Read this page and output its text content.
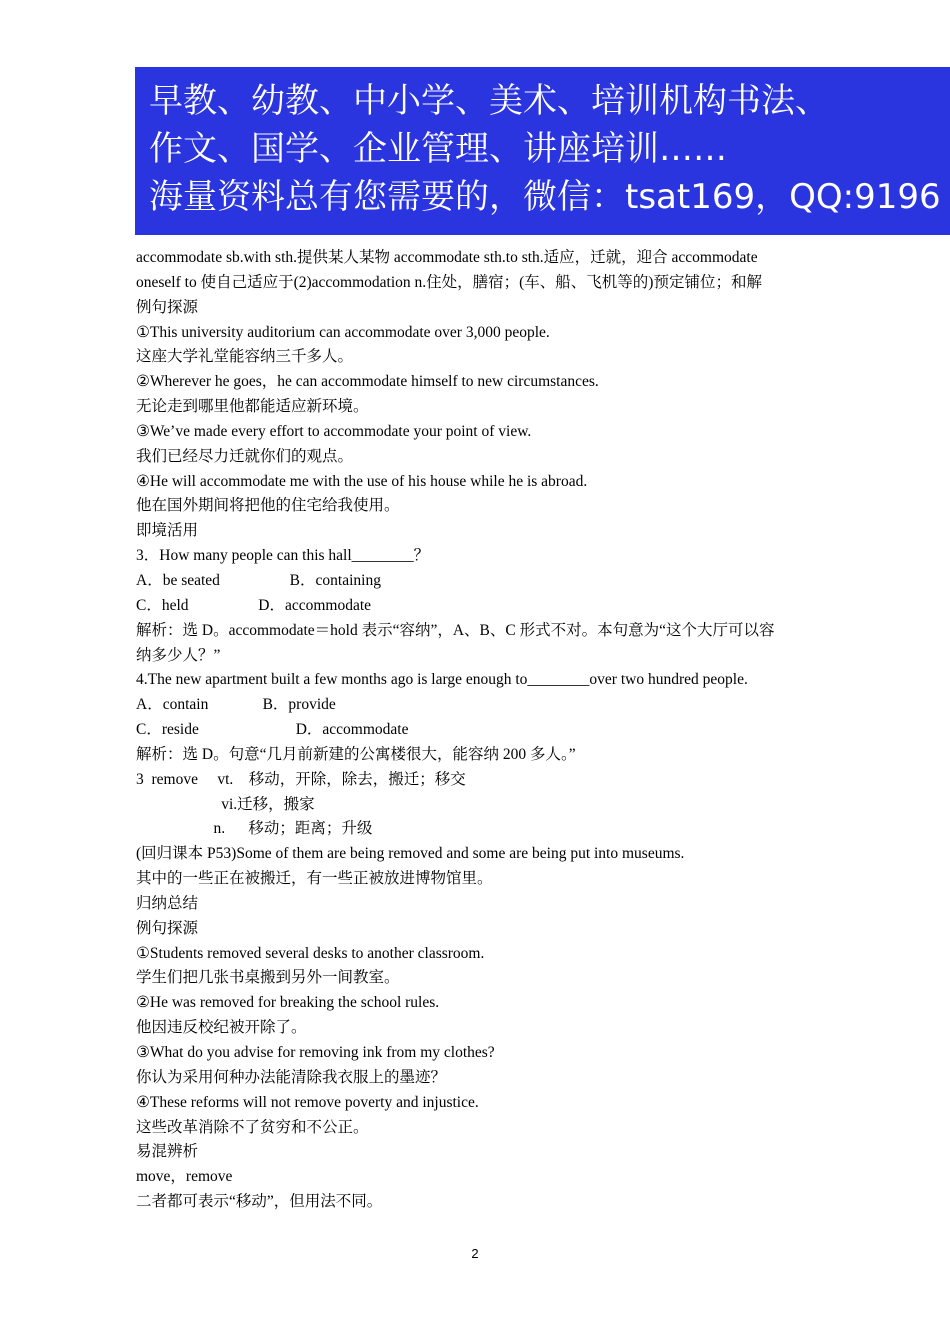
早教、幼教、中小学、美术、培训机构书法、
作文、国学、企业管理、讲座培训……
海量资料总有您需要的，微信：tsat169，QQ:9196
accommodate sb.with sth.提供某人某物 accommodate sth.to sth.适应，迁就，迎合 accommodate
oneself to 使自己适应于(2)accommodation n.住处，膳宿；(车、船、飞机等的)预定铺位；和解
例句探源
①This university auditorium can accommodate over 3,000 people.
这座大学礼堂能容纳三千多人。
②Wherever he goes，he can accommodate himself to new circumstances.
无论走到哪里他都能适应新环境。
③We’ve made every effort to accommodate your point of view.
我们已经尽力迁就你们的观点。
④He will accommodate me with the use of his house while he is abroad.
他在国外期间将把他的住宅给我使用。
即境活用
3．How many people can this hall________？
A．be seated                  B．containing
C．held                  D．accommodate
解析：选 D。accommodate＝hold 表示“容纳”，A、B、C 形式不对。本句意为“这个大厅可以容
纳多少人？”
4.The new apartment built a few months ago is large enough to________over two hundred people.
A．contain              B．provide
C．reside                         D．accommodate
解析：选 D。句意“几月前新建的公寓楼很大，能容纳 200 多人。”
3  remove     vt.    移动，开除，除去，搬迁；移交
vi.迁移，搬家
n.      移动；距离；升级
(回归课本 P53)Some of them are being removed and some are being put into museums.
其中的一些正在被搬迁，有一些正被放进博物馆里。
归纳总结
例句探源
①Students removed several desks to another classroom.
学生们把几张书桌搬到另外一间教室。
②He was removed for breaking the school rules.
他因违反校纪被开除了。
③What do you advise for removing ink from my clothes?
你认为采用何种办法能清除我衣服上的墨迹？
④These reforms will not remove poverty and injustice.
这些改革消除不了贫穷和不公正。
易混辨析
move，remove
二者都可表示“移动”，但用法不同。
2
